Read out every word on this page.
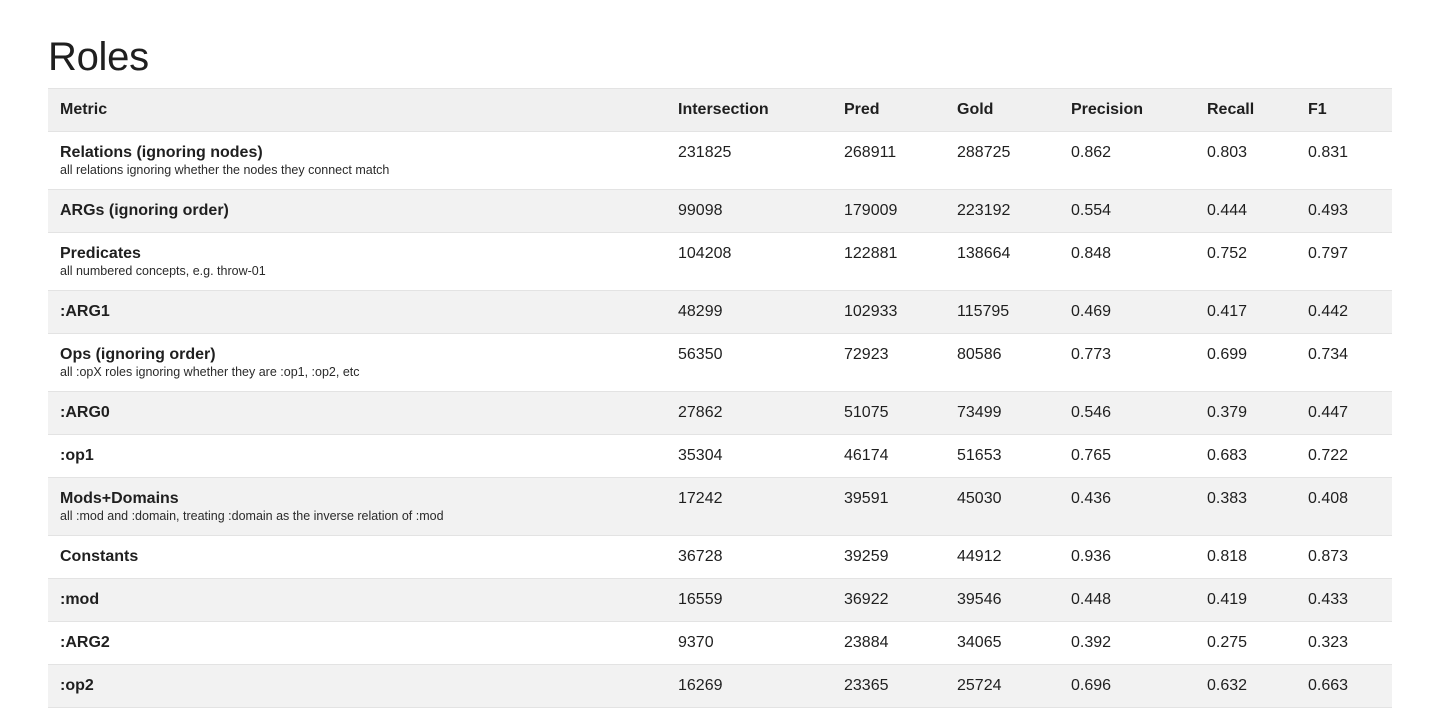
Roles
Metric	Intersection	Pred	Gold	Precision	Recall	F1

Relations (ignoring nodes)
all relations ignoring whether the nodes they connect match	231825	268911	288725	0.862	0.803	0.831

ARGs (ignoring order)	99098	179009	223192	0.554	0.444	0.493

Predicates
all numbered concepts, e.g. throw-01	104208	122881	138664	0.848	0.752	0.797

:ARG1	48299	102933	115795	0.469	0.417	0.442

Ops (ignoring order)
all :opX roles ignoring whether they are :op1, :op2, etc	56350	72923	80586	0.773	0.699	0.734

:ARG0	27862	51075	73499	0.546	0.379	0.447

:op1	35304	46174	51653	0.765	0.683	0.722

Mods+Domains
all :mod and :domain, treating :domain as the inverse relation of :mod	17242	39591	45030	0.436	0.383	0.408

Constants	36728	39259	44912	0.936	0.818	0.873

:mod	16559	36922	39546	0.448	0.419	0.433

:ARG2	9370	23884	34065	0.392	0.275	0.323

:op2	16269	23365	25724	0.696	0.632	0.663
